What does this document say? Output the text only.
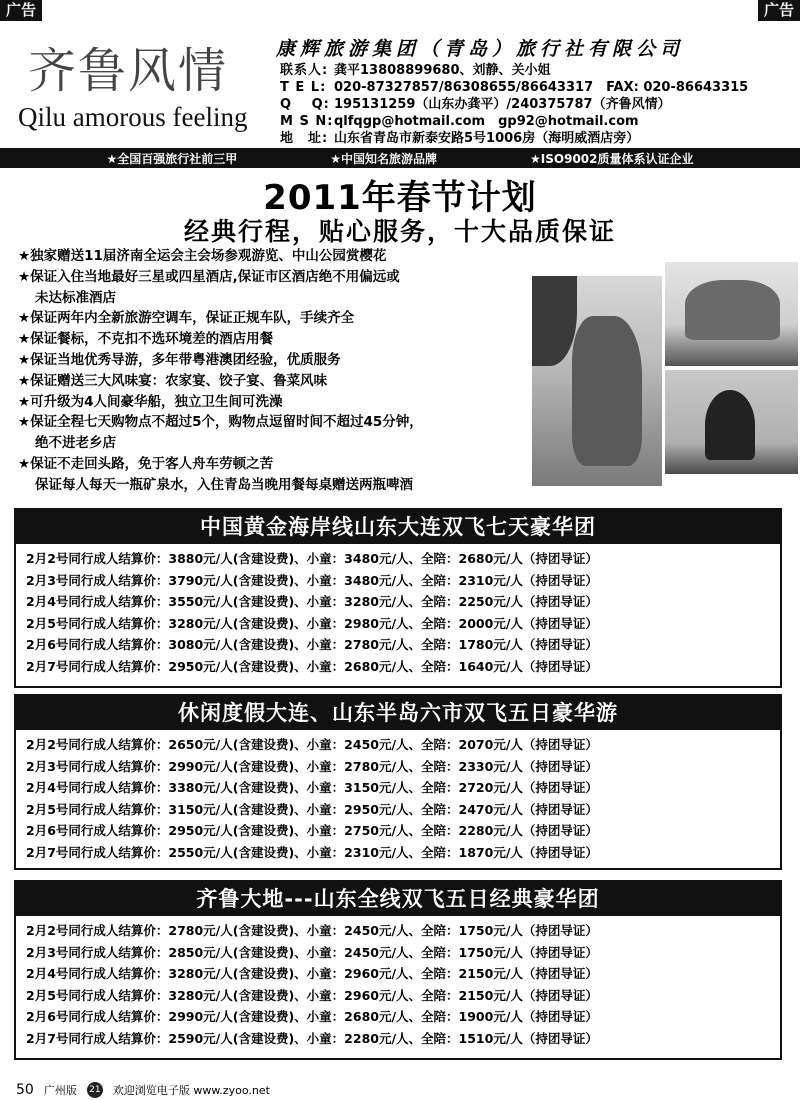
广告	广告
齐鲁风情
Qilu amorous feeling
康辉旅游集团（青岛）旅行社有限公司
联系人: 龚平13808899680、刘静、关小姐
T E L: 020-87327857/86308655/86643317　FAX: 020-86643315
Q　 Q: 195131259（山东办龚平）/240375787（齐鲁风情）
M S N: qlfqgp@hotmail.com　gp92@hotmail.com
地　址: 山东省青岛市新泰安路5号1006房（海明威酒店旁）
★全国百强旅行社前三甲	★中国知名旅游品牌	★ISO9002质量体系认证企业
2011年春节计划
经典行程，贴心服务，十大品质保证
★独家赠送11届济南全运会主会场参观游览、中山公园赏樱花
★保证入住当地最好三星或四星酒店,保证市区酒店绝不用偏远或
未达标准酒店
★保证两年内全新旅游空调车，保证正规车队，手续齐全
★保证餐标，不克扣不选环境差的酒店用餐
★保证当地优秀导游，多年带粤港澳团经验，优质服务
★保证赠送三大风味宴：农家宴、饺子宴、鲁菜风味
★可升级为4人间豪华船，独立卫生间可洗澡
★保证全程七天购物点不超过5个，购物点逗留时间不超过45分钟，
绝不进老乡店
★保证不走回头路，免于客人舟车劳顿之苦
保证每人每天一瓶矿泉水，入住青岛当晚用餐每桌赠送两瓶啤酒
中国黄金海岸线山东大连双飞七天豪华团
2月2号同行成人结算价：3880元/人(含建设费)、小童：3480元/人、全陪：2680元/人（持团导证）
2月3号同行成人结算价：3790元/人(含建设费)、小童：3480元/人、全陪：2310元/人（持团导证）
2月4号同行成人结算价：3550元/人(含建设费)、小童：3280元/人、全陪：2250元/人（持团导证）
2月5号同行成人结算价：3280元/人(含建设费)、小童：2980元/人、全陪：2000元/人（持团导证）
2月6号同行成人结算价：3080元/人(含建设费)、小童：2780元/人、全陪：1780元/人（持团导证）
2月7号同行成人结算价：2950元/人(含建设费)、小童：2680元/人、全陪：1640元/人（持团导证）
休闲度假大连、山东半岛六市双飞五日豪华游
2月2号同行成人结算价：2650元/人(含建设费)、小童：2450元/人、全陪：2070元/人（持团导证）
2月3号同行成人结算价：2990元/人(含建设费)、小童：2780元/人、全陪：2330元/人（持团导证）
2月4号同行成人结算价：3380元/人(含建设费)、小童：3150元/人、全陪：2720元/人（持团导证）
2月5号同行成人结算价：3150元/人(含建设费)、小童：2950元/人、全陪：2470元/人（持团导证）
2月6号同行成人结算价：2950元/人(含建设费)、小童：2750元/人、全陪：2280元/人（持团导证）
2月7号同行成人结算价：2550元/人(含建设费)、小童：2310元/人、全陪：1870元/人（持团导证）
齐鲁大地---山东全线双飞五日经典豪华团
2月2号同行成人结算价：2780元/人(含建设费)、小童：2450元/人、全陪：1750元/人（持团导证）
2月3号同行成人结算价：2850元/人(含建设费)、小童：2450元/人、全陪：1750元/人（持团导证）
2月4号同行成人结算价：3280元/人(含建设费)、小童：2960元/人、全陪：2150元/人（持团导证）
2月5号同行成人结算价：3280元/人(含建设费)、小童：2960元/人、全陪：2150元/人（持团导证）
2月6号同行成人结算价：2990元/人(含建设费)、小童：2680元/人、全陪：1900元/人（持团导证）
2月7号同行成人结算价：2590元/人(含建设费)、小童：2280元/人、全陪：1510元/人（持团导证）
50 广州版 21 欢迎浏览电子版 www.zyoo.net
